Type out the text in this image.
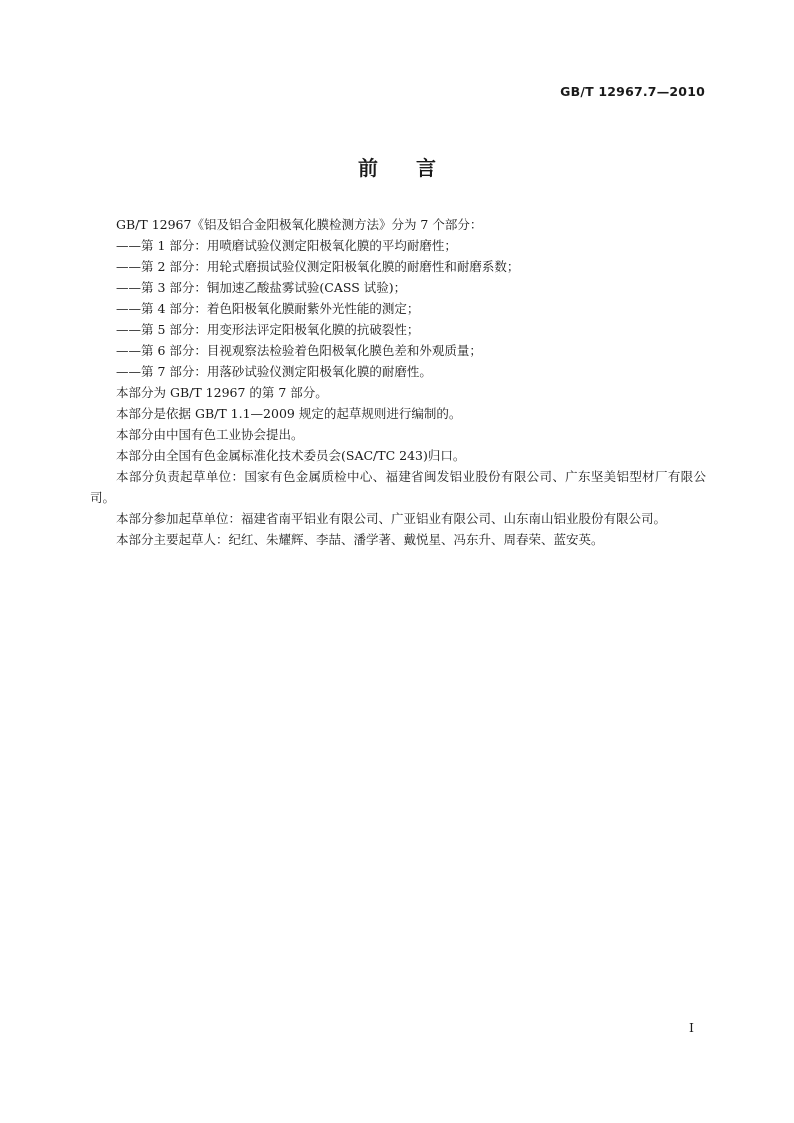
GB/T 12967.7—2010
前言

GB/T 12967《铝及铝合金阳极氧化膜检测方法》分为 7 个部分：

——第 1 部分：用喷磨试验仪测定阳极氧化膜的平均耐磨性；

——第 2 部分：用轮式磨损试验仪测定阳极氧化膜的耐磨性和耐磨系数；

——第 3 部分：铜加速乙酸盐雾试验(CASS 试验)；

——第 4 部分：着色阳极氧化膜耐紫外光性能的测定；

——第 5 部分：用变形法评定阳极氧化膜的抗破裂性；

——第 6 部分：目视观察法检验着色阳极氧化膜色差和外观质量；

——第 7 部分：用落砂试验仪测定阳极氧化膜的耐磨性。

本部分为 GB/T 12967 的第 7 部分。

本部分是依据 GB/T 1.1—2009 规定的起草规则进行编制的。

本部分由中国有色工业协会提出。

本部分由全国有色金属标准化技术委员会(SAC/TC 243)归口。

本部分负责起草单位：国家有色金属质检中心、福建省闽发铝业股份有限公司、广东坚美铝型材厂有限公司。

本部分参加起草单位：福建省南平铝业有限公司、广亚铝业有限公司、山东南山铝业股份有限公司。

本部分主要起草人：纪红、朱耀辉、李喆、潘学著、戴悦星、冯东升、周春荣、蓝安英。

I
